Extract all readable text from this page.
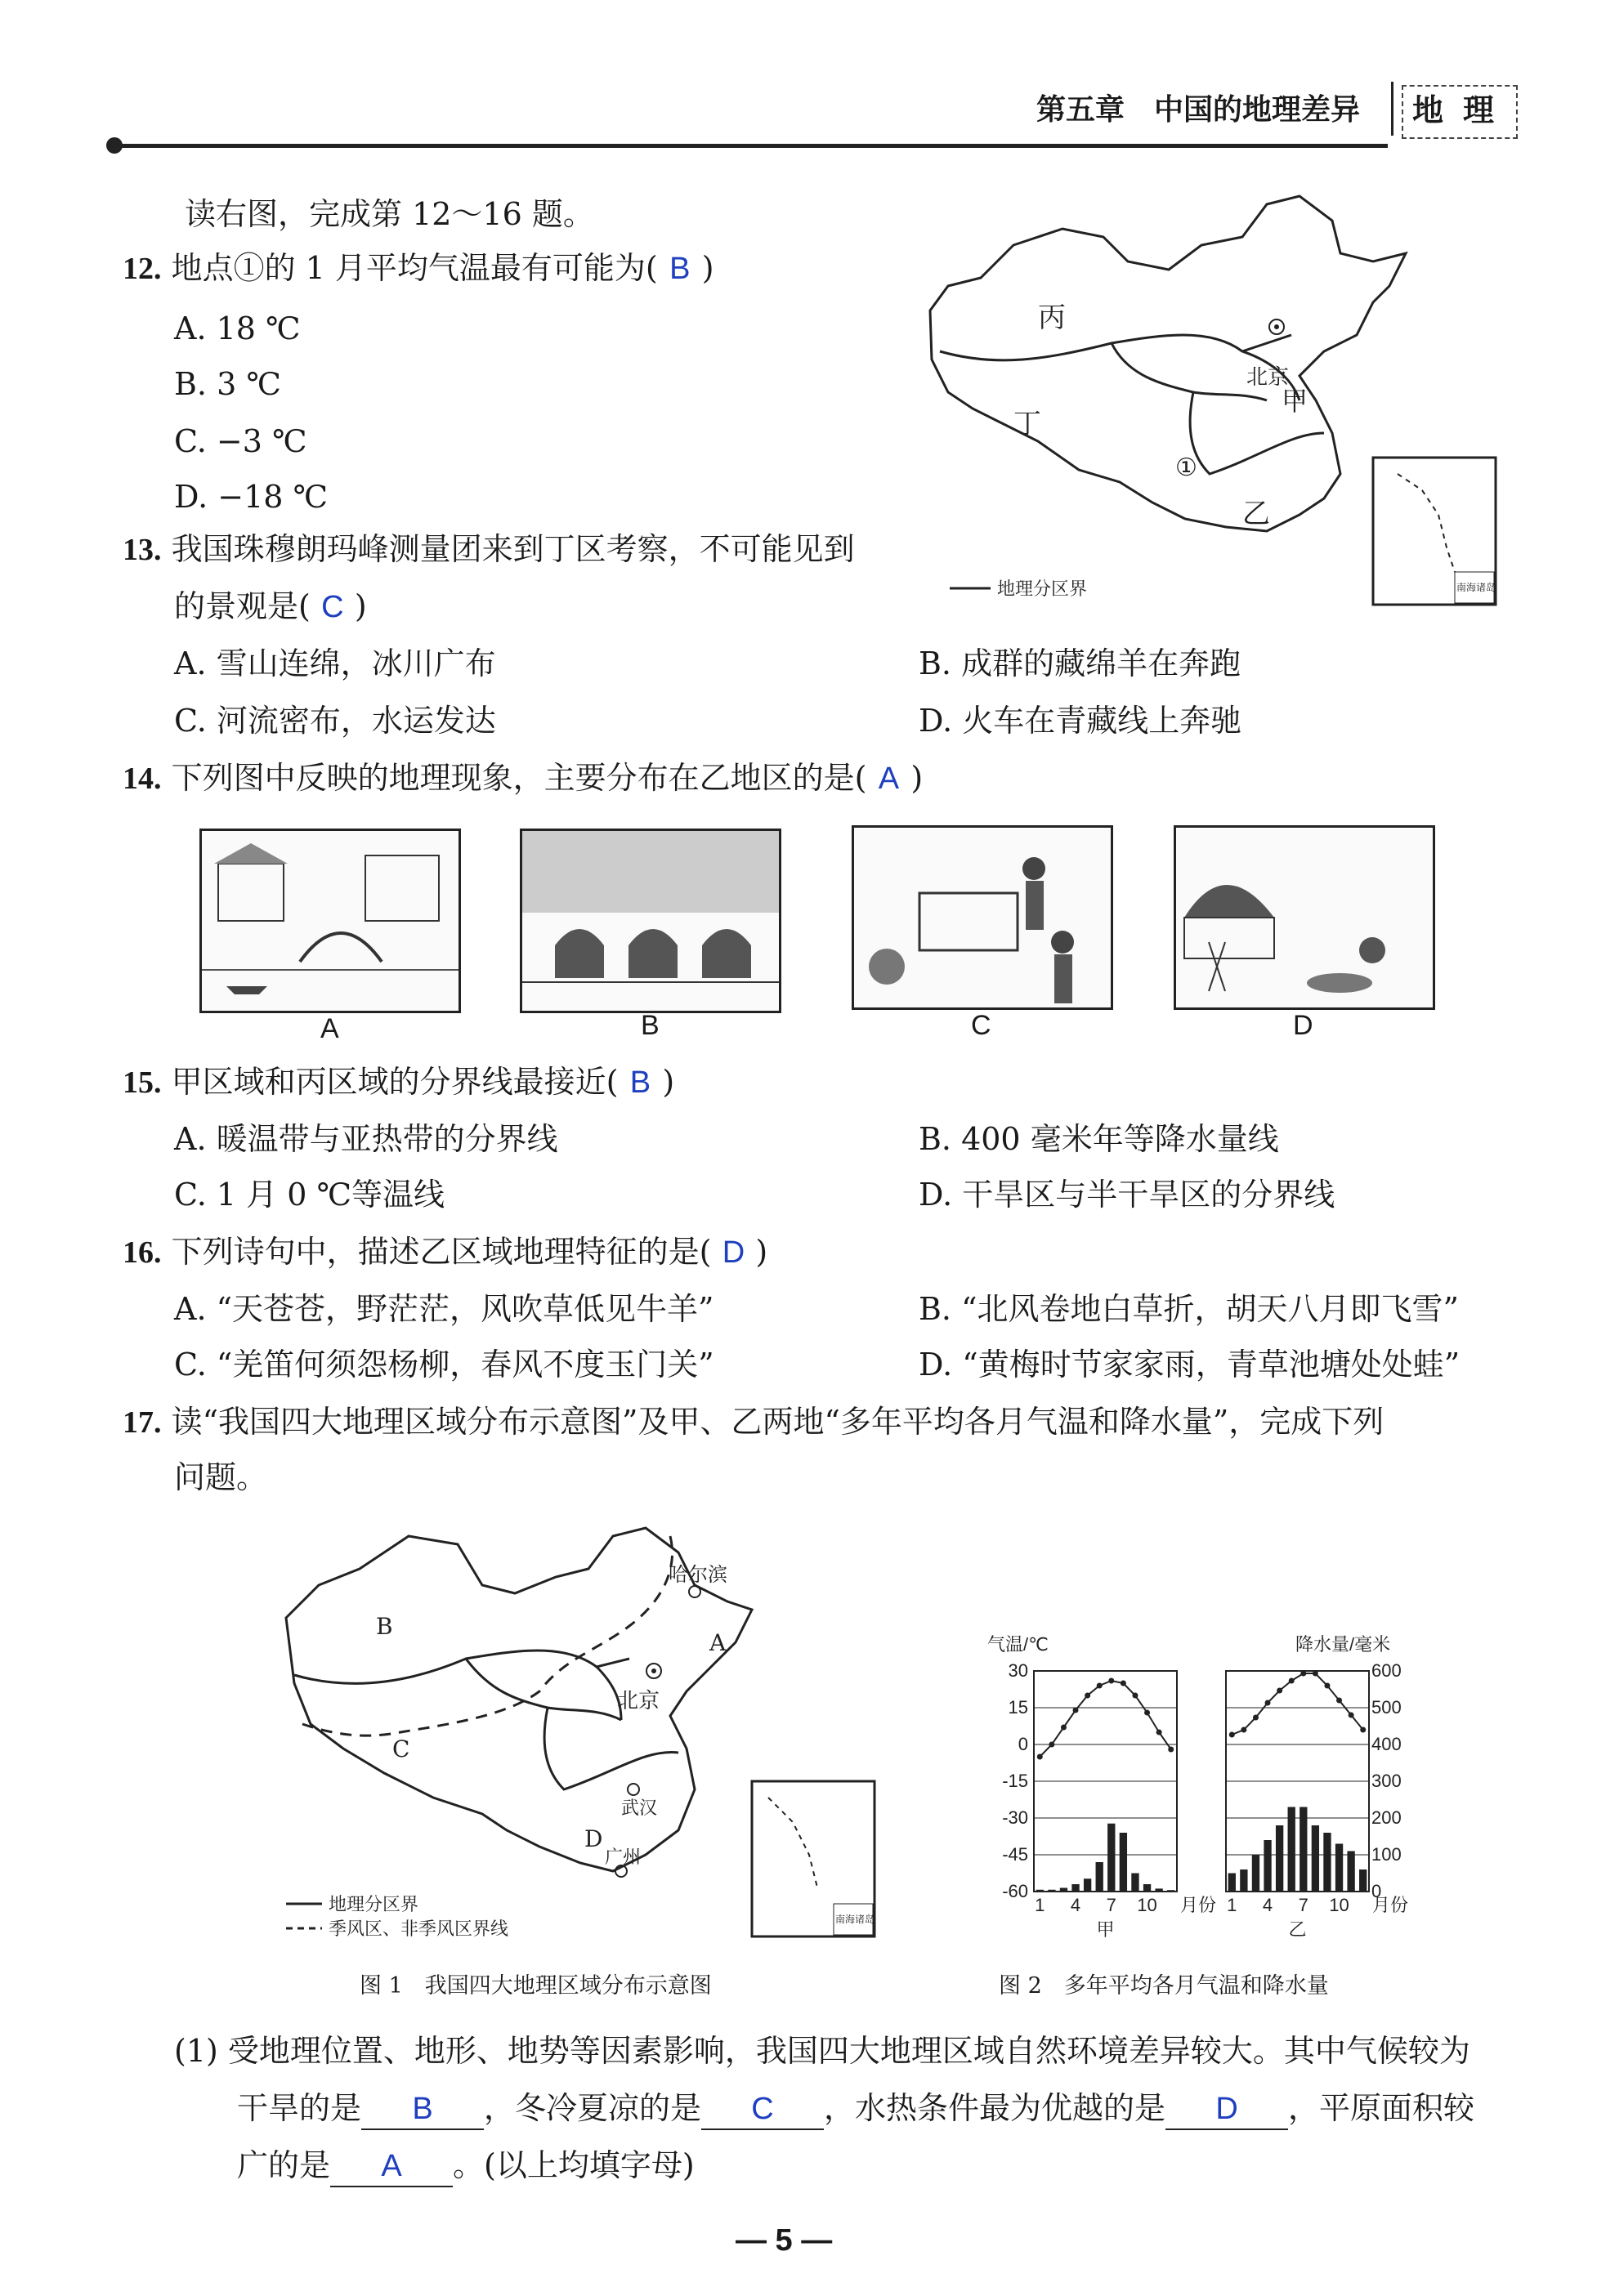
第五章　中国的地理差异 地 理
读右图，完成第 12～16 题。
12. 地点①的 1 月平均气温最有可能为( B )
A. 18 ℃
B. 3 ℃
C. −3 ℃
D. −18 ℃
丙
丁
甲
乙
北京
①
地理分区界	南海诸岛
13. 我国珠穆朗玛峰测量团来到丁区考察，不可能见到
的景观是( C )
A. 雪山连绵，冰川广布	B. 成群的藏绵羊在奔跑
C. 河流密布，水运发达	D. 火车在青藏线上奔驰
14. 下列图中反映的地理现象，主要分布在乙地区的是( A )
A	B	C	D
15. 甲区域和丙区域的分界线最接近( B )
A. 暖温带与亚热带的分界线	B. 400 毫米年等降水量线
C. 1 月 0 ℃等温线	D. 干旱区与半干旱区的分界线
16. 下列诗句中，描述乙区域地理特征的是( D )
A. “天苍苍，野茫茫，风吹草低见牛羊”	B. “北风卷地白草折，胡天八月即飞雪”
C. “羌笛何须怨杨柳，春风不度玉门关”	D. “黄梅时节家家雨，青草池塘处处蛙”
17. 读“我国四大地理区域分布示意图”及甲、乙两地“多年平均各月气温和降水量”，完成下列
问题。
A
B
C
D
北京
哈尔滨
武汉
广州
地理分区界
季风区、非季风区界线	南海诸岛
图 1　我国四大地理区域分布示意图
气温/℃	降水量/毫米
30
15
0
-15
-30
-45
-60
600
500
400
300
200
100
0
1 4 7 10 月份
甲
1 4 7 10 月份
乙
图 2　多年平均各月气温和降水量
(1) 受地理位置、地形、地势等因素影响，我国四大地理区域自然环境差异较大。其中气候较为
干旱的是 B ，冬冷夏凉的是 C ，水热条件最为优越的是 D ，平原面积较
广的是 A 。(以上均填字母)
— 5 —
